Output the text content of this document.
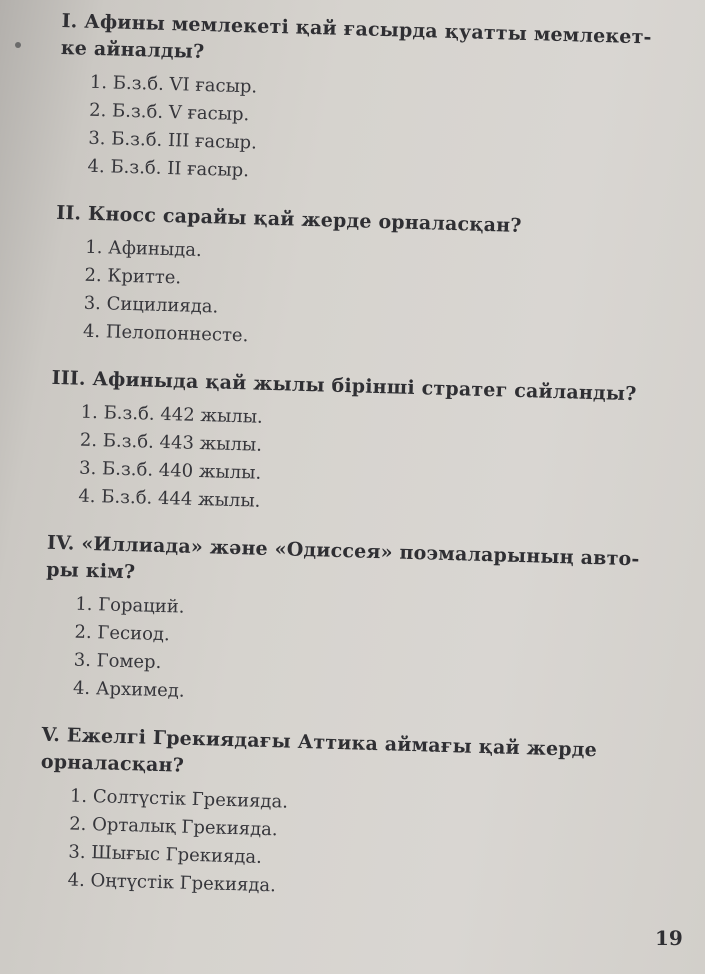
I. Афины мемлекеті қай ғасырда қуатты мемлекет-ке айналды?

1. Б.з.б. VI ғасыр.
2. Б.з.б. V ғасыр.
3. Б.з.б. III ғасыр.
4. Б.з.б. II ғасыр.

II. Кносс сарайы қай жерде орналасқан?

1. Афиныда.
2. Критте.
3. Сицилияда.
4. Пелопоннесте.

III. Афиныда қай жылы бірінші стратег сайланды?

1. Б.з.б. 442 жылы.
2. Б.з.б. 443 жылы.
3. Б.з.б. 440 жылы.
4. Б.з.б. 444 жылы.

IV. «Иллиада» және «Одиссея» поэмаларының авто-ры кім?

1. Гораций.
2. Гесиод.
3. Гомер.
4. Архимед.

V. Ежелгі Грекиядағы Аттика аймағы қай жерде орналасқан?

1. Солтүстік Грекияда.
2. Орталық Грекияда.
3. Шығыс Грекияда.
4. Оңтүстік Грекияда.
19
